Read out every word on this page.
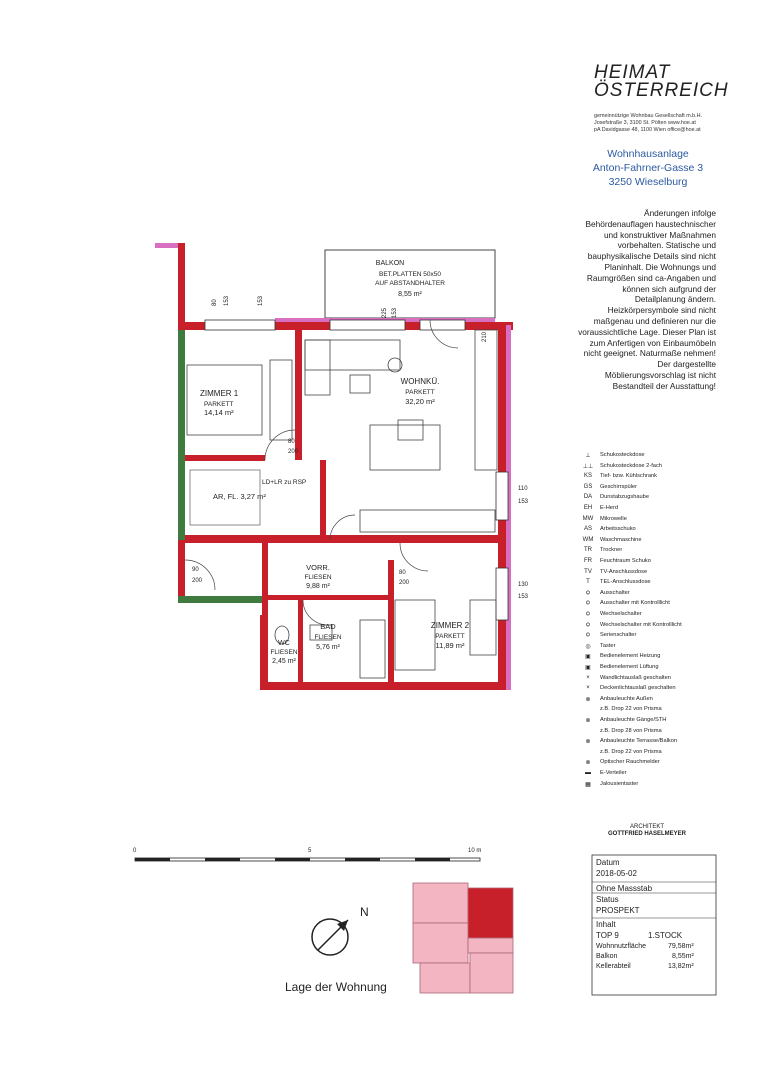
BALKON
BET.PLATTEN 50x50
AUF ABSTANDHALTER
8,55 m²
ZIMMER 1
PARKETT
14,14 m²
WOHNKÜ.
PARKETT
32,20 m²
LD+LR zu RSP
AR, FL. 3,27 m²
VORR.
FLIESEN
9,88 m²
BAD
FLIESEN
5,76 m²
WC
FLIESEN
2,45 m²
ZIMMER 2
PARKETT
11,89 m²
80 153	153
225 153
110
153
130
153
80
200
80
200
90
200
210
0	5	10 m
N
HEIMAT
ÖSTERREICH
gemeinnützige Wohnbau Gesellschaft m.b.H.
Josefstraße 3, 3100 St. Pölten www.hoe.at
pA Davidgasse 48, 1100 Wien office@hoe.at
Wohnhausanlage
Anton-Fahrner-Gasse 3
3250 Wieselburg
Änderungen infolge Behördenauflagen haustechnischer und konstruktiver Maßnahmen vorbehalten. Statische und bauphysikalische Details sind nicht Planinhalt. Die Wohnungs und Raumgrößen sind ca-Angaben und können sich aufgrund der Detailplanung ändern. Heizkörpersymbole sind nicht maßgenau und definieren nur die voraussichtliche Lage. Dieser Plan ist zum Anfertigen von Einbaumöbeln nicht geeignet. Naturmaße nehmen! Der dargestellte Möblierungsvorschlag ist nicht Bestandteil der Ausstattung!
⊥	Schukosteckdose
⊥⊥	Schukosteckdose 2-fach
KS	Tief- bzw. Kühlschrank
GS	Geschirrspüler
DA	Dunstabzugshaube
EH	E-Herd
MW	Mikrowelle
AS	Arbeitsschuko
WM	Waschmaschine
TR	Trockner
FR	Feuchtraum Schuko
TV	TV-Anschlussdose
T	TEL-Anschlussdose
ѻ	Ausschalter
ѻ	Ausschalter mit Kontrolllicht
ѻ	Wechselschalter
ѻ	Wechselschalter mit Kontrolllicht
ѻ	Serienschalter
◎	Taster
▣	Bedienelement Heizung
▣	Bedienelement Lüftung
×	Wandlichtauslaß geschalten
×	Deckenlichtauslaß geschalten
⊗	Anbauleuchte Außen
z.B. Drop 22 von Prisma
⊗	Anbauleuchte Gänge/STH
z.B. Drop 28 von Prisma
⊗	Anbauleuchte Terrasse/Balkon
z.B. Drop 22 von Prisma
⊗	Optischer Rauchmelder
▬	E-Verteiler
▦	Jalousientaster
ARCHITEKT
GOTTFRIED HASELMEYER
Datum
2018-05-02
Ohne Massstab
Status
PROSPEKT
Inhalt
TOP 9	1.STOCK
Wohnnutzfläche	79,58m²
Balkon	8,55m²
Kellerabteil	13,82m²
Lage der Wohnung
